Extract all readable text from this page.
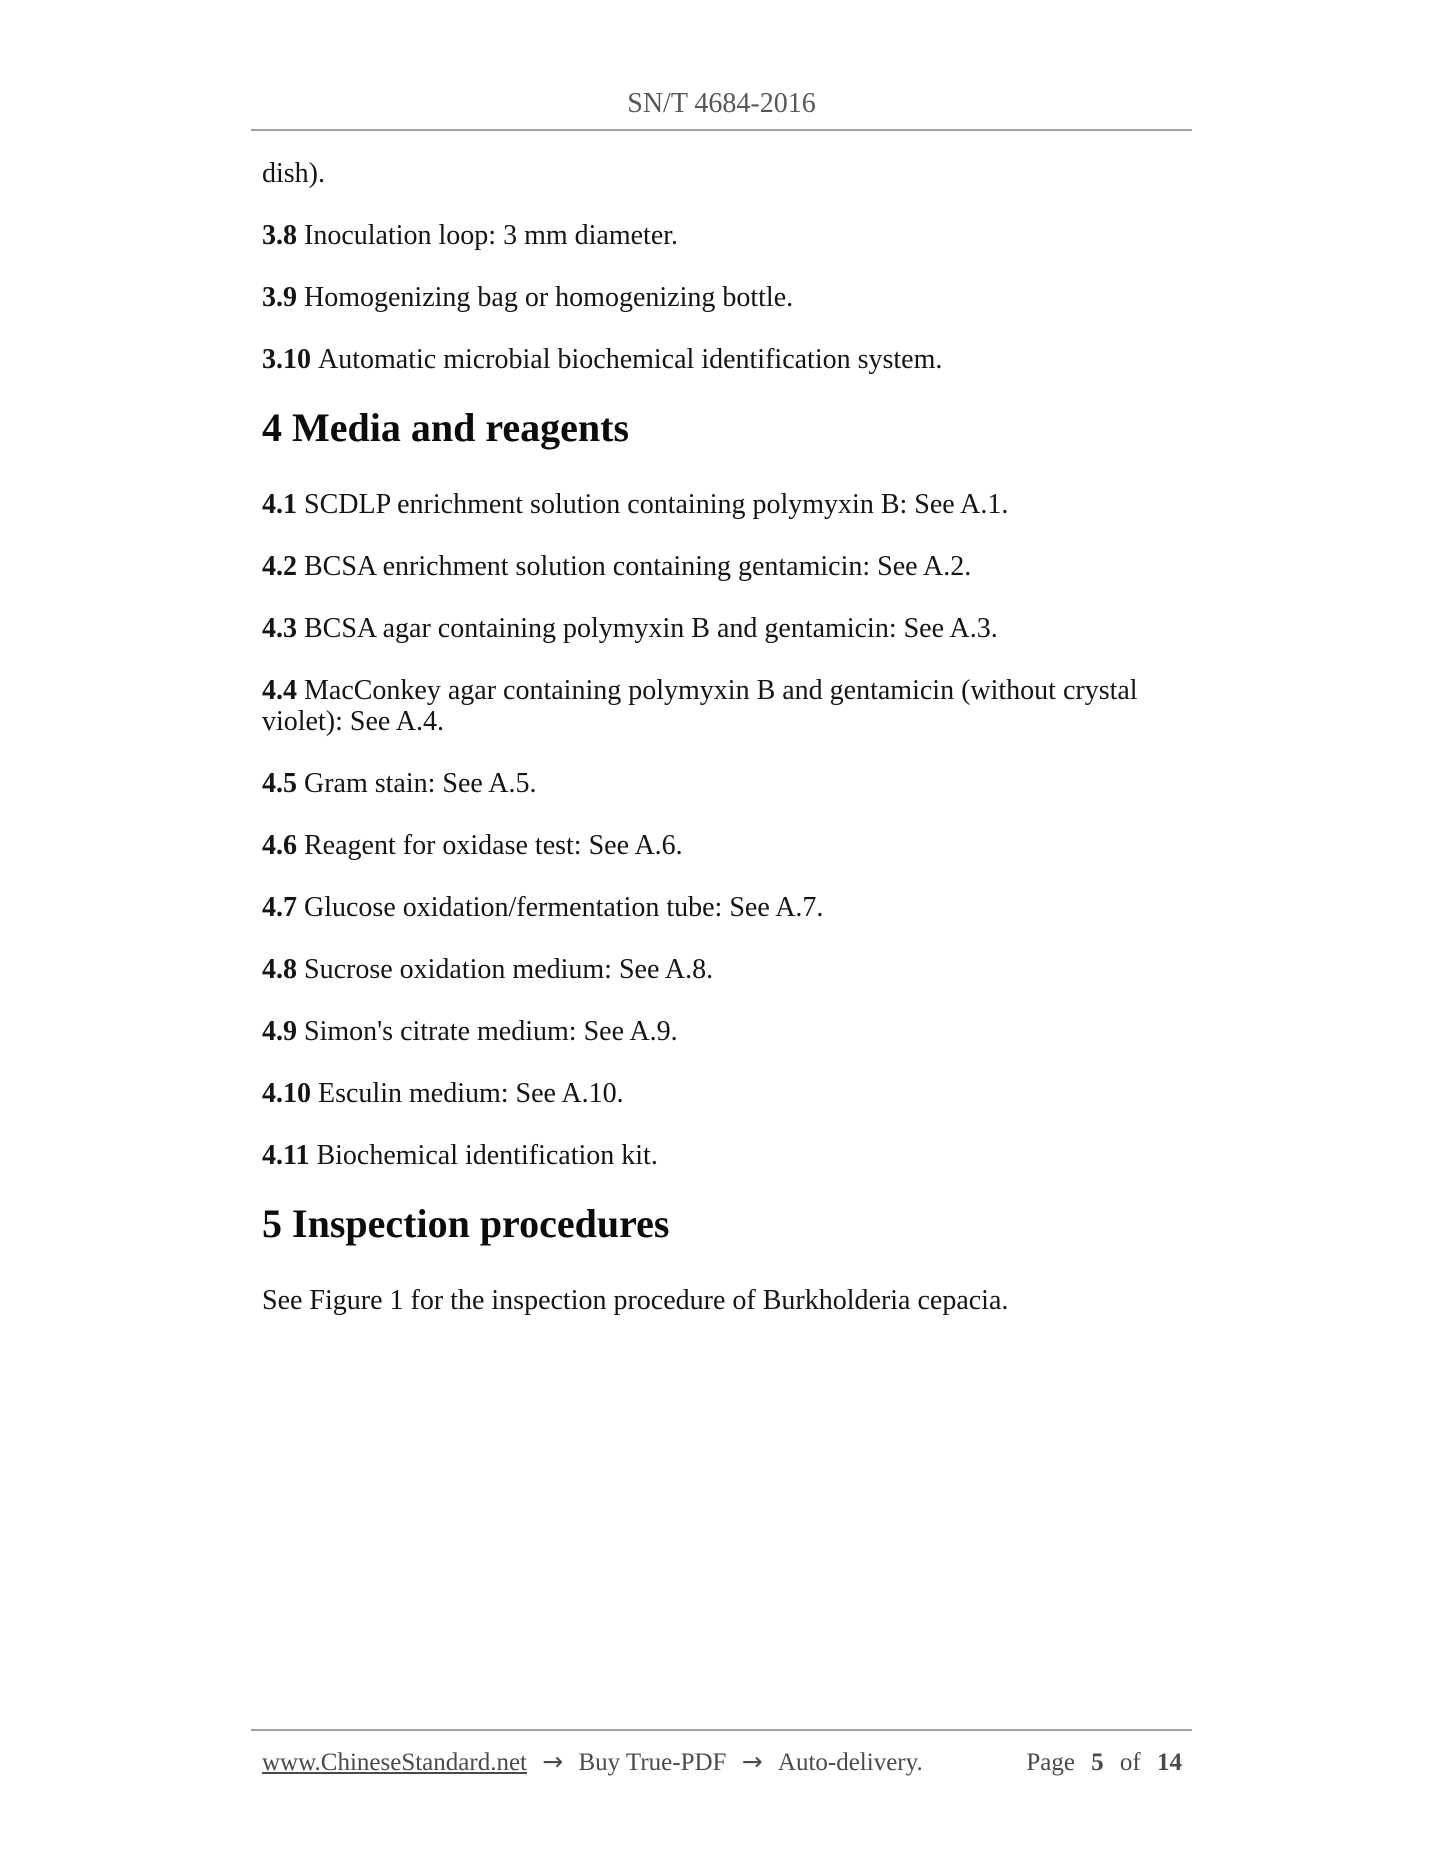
SN/T 4684-2016

dish).

3.8 Inoculation loop: 3 mm diameter.

3.9 Homogenizing bag or homogenizing bottle.

3.10 Automatic microbial biochemical identification system.

4 Media and reagents

4.1 SCDLP enrichment solution containing polymyxin B: See A.1.

4.2 BCSA enrichment solution containing gentamicin: See A.2.

4.3 BCSA agar containing polymyxin B and gentamicin: See A.3.

4.4 MacConkey agar containing polymyxin B and gentamicin (without crystal violet): See A.4.

4.5 Gram stain: See A.5.

4.6 Reagent for oxidase test: See A.6.

4.7 Glucose oxidation/fermentation tube: See A.7.

4.8 Sucrose oxidation medium: See A.8.

4.9 Simon's citrate medium: See A.9.

4.10 Esculin medium: See A.10.

4.11 Biochemical identification kit.

5 Inspection procedures

See Figure 1 for the inspection procedure of Burkholderia cepacia.

www.ChineseStandard.net → Buy True-PDF → Auto-delivery.	Page 5 of 14
